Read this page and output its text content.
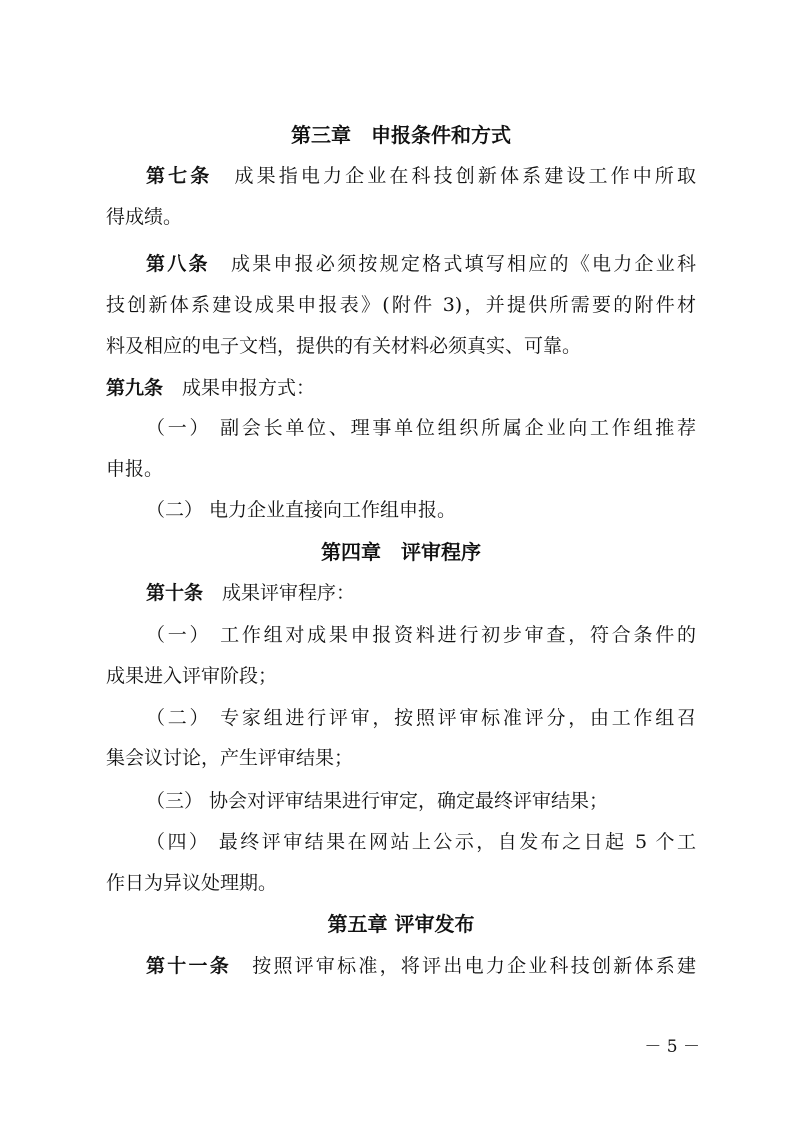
第三章　申报条件和方式
第七条　成果指电力企业在科技创新体系建设工作中所取
得成绩。
第八条　成果申报必须按规定格式填写相应的《电力企业科
技创新体系建设成果申报表》(附件 3)，并提供所需要的附件材
料及相应的电子文档，提供的有关材料必须真实、可靠。
第九条　成果申报方式：
（一） 副会长单位、理事单位组织所属企业向工作组推荐
申报。
（二） 电力企业直接向工作组申报。
第四章　评审程序
第十条　成果评审程序：
（一） 工作组对成果申报资料进行初步审查，符合条件的
成果进入评审阶段；
（二） 专家组进行评审，按照评审标准评分，由工作组召
集会议讨论，产生评审结果；
（三） 协会对评审结果进行审定，确定最终评审结果；
（四） 最终评审结果在网站上公示，自发布之日起 5 个工
作日为异议处理期。
第五章 评审发布
第十一条　按照评审标准，将评出电力企业科技创新体系建
－ 5 －
